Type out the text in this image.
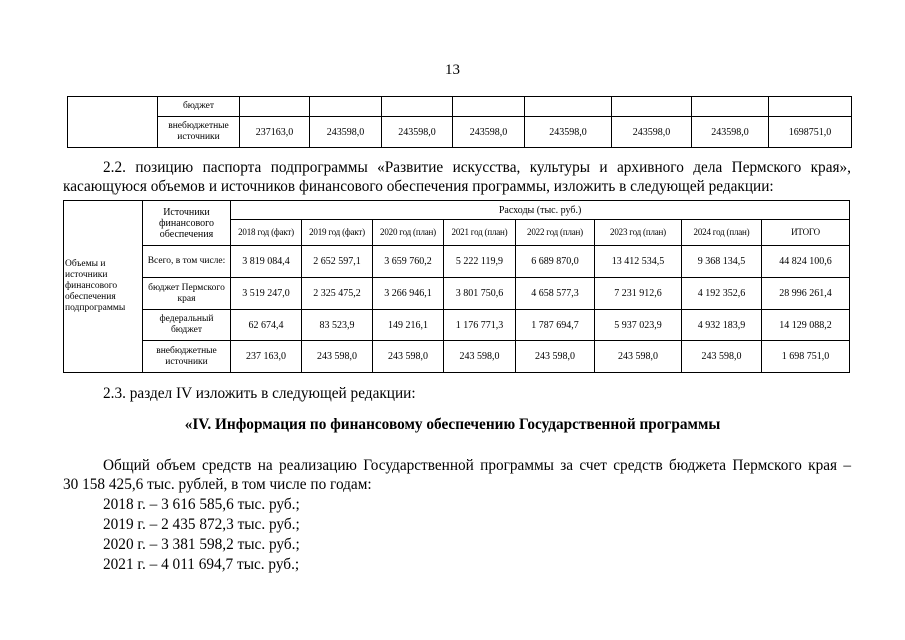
13
	бюджет								
	внебюджетные источники	237163,0	243598,0	243598,0	243598,0	243598,0	243598,0	243598,0	1698751,0
2.2. позицию паспорта подпрограммы «Развитие искусства, культуры и архивного дела Пермского края»,
касающуюся объемов и источников финансового обеспечения программы, изложить в следующей редакции:
Объемы и источники финансового обеспечения подпрограммы	Источники финансового обеспечения	Расходы (тыс. руб.)							
		2018 год (факт)	2019 год (факт)	2020 год (план)	2021 год (план)	2022 год (план)	2023 год (план)	2024 год (план)	ИТОГО
	Всего, в том числе:	3 819 084,4	2 652 597,1	3 659 760,2	5 222 119,9	6 689 870,0	13 412 534,5	9 368 134,5	44 824 100,6
	бюджет Пермского края	3 519 247,0	2 325 475,2	3 266 946,1	3 801 750,6	4 658 577,3	7 231 912,6	4 192 352,6	28 996 261,4
	федеральный бюджет	62 674,4	83 523,9	149 216,1	1 176 771,3	1 787 694,7	5 937 023,9	4 932 183,9	14 129 088,2
	внебюджетные источники	237 163,0	243 598,0	243 598,0	243 598,0	243 598,0	243 598,0	243 598,0	1 698 751,0
2.3. раздел IV изложить в следующей редакции:
«IV. Информация по финансовому обеспечению Государственной программы
Общий объем средств на реализацию Государственной программы за счет средств бюджета Пермского края –
30 158 425,6 тыс. рублей, в том числе по годам:
2018 г. – 3 616 585,6 тыс. руб.;
2019 г. – 2 435 872,3 тыс. руб.;
2020 г. – 3 381 598,2 тыс. руб.;
2021 г. – 4 011 694,7 тыс. руб.;
